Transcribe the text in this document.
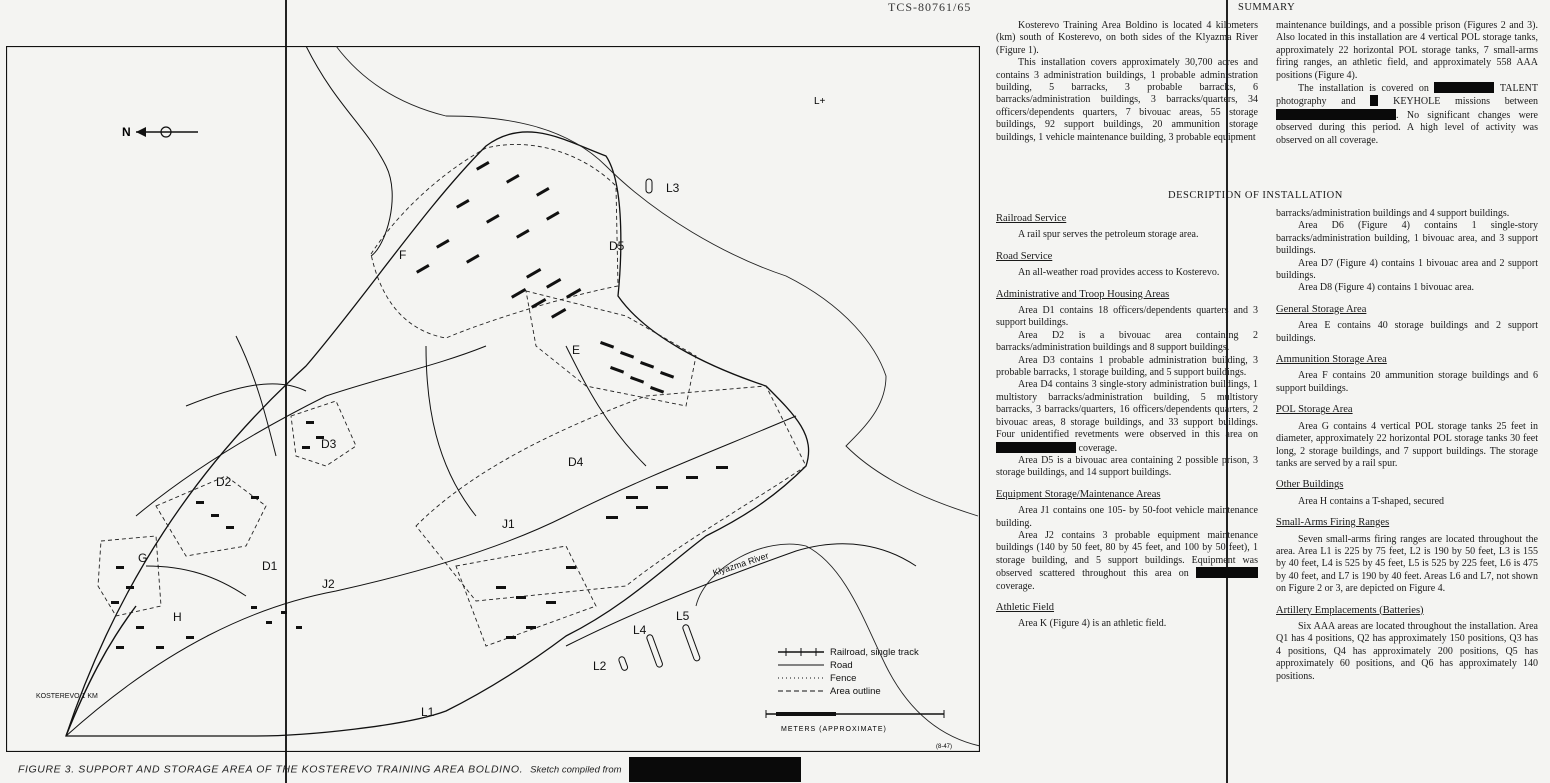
TCS-80761/65
N
F
L3
D5
E
D3
D4
D2
D1
G
H
J1
J2
L4
L5
L2
L1
Klyazma River
KOSTEREVO 1 KM
Railroad, single track
Road
Fence
Area outline
METERS (APPROXIMATE)
(8-47)
L+
FIGURE 3. SUPPORT AND STORAGE AREA OF THE KOSTEREVO TRAINING AREA BOLDINO. Sketch compiled from
SUMMARY

Kosterevo Training Area Boldino is located 4 kilometers (km) south of Kosterevo, on both sides of the Klyazma River (Figure 1).

This installation covers approximately 30,700 acres and contains 3 administration buildings, 1 probable administration building, 5 barracks, 3 probable barracks, 6 barracks/administration buildings, 3 barracks/quarters, 34 officers/dependents quarters, 7 bivouac areas, 55 storage buildings, 92 support buildings, 20 ammunition storage buildings, 1 vehicle maintenance building, 3 probable equipment

maintenance buildings, and a possible prison (Figures 2 and 3). Also located in this installation are 4 vertical POL storage tanks, approximately 22 horizontal POL storage tanks, 7 small-arms firing ranges, an athletic field, and approximately 558 AAA positions (Figure 4).

The installation is covered on	TALENT photography and	KEYHOLE missions between . No significant changes were observed during this period. A high level of activity was observed on all coverage.

DESCRIPTION OF INSTALLATION
Railroad Service

A rail spur serves the petroleum storage area.

Road Service

An all-weather road provides access to Kosterevo.

Administrative and Troop Housing Areas

Area D1 contains 18 officers/dependents quarters and 3 support buildings.

Area D2 is a bivouac area containing 2 barracks/administration buildings and 8 support buildings.

Area D3 contains 1 probable administration building, 3 probable barracks, 1 storage building, and 5 support buildings.

Area D4 contains 3 single-story administration buildings, 1 multistory barracks/administration building, 5 multistory barracks, 3 barracks/quarters, 16 officers/dependents quarters, 2 bivouac areas, 8 storage buildings, and 33 support buildings. Four unidentified revetments were observed in this area on  coverage.

Area D5 is a bivouac area containing 2 possible prison, 3 storage buildings, and 14 support buildings.

Equipment Storage/Maintenance Areas

Area J1 contains one 105- by 50-foot vehicle maintenance building.

Area J2 contains 3 probable equipment maintenance buildings (140 by 50 feet, 80 by 45 feet, and 100 by 50 feet), 1 storage building, and 5 support buildings. Equipment was observed scattered throughout this area on  coverage.

Athletic Field

Area K (Figure 4) is an athletic field.

barracks/administration buildings and 4 support buildings.

Area D6 (Figure 4) contains 1 single-story barracks/administration building, 1 bivouac area, and 3 support buildings.

Area D7 (Figure 4) contains 1 bivouac area and 2 support buildings.

Area D8 (Figure 4) contains 1 bivouac area.

General Storage Area

Area E contains 40 storage buildings and 2 support buildings.

Ammunition Storage Area

Area F contains 20 ammunition storage buildings and 6 support buildings.

POL Storage Area

Area G contains 4 vertical POL storage tanks 25 feet in diameter, approximately 22 horizontal POL storage tanks 30 feet long, 2 storage buildings, and 7 support buildings. The storage tanks are served by a rail spur.

Other Buildings

Area H contains a T-shaped, secured

Small-Arms Firing Ranges

Seven small-arms firing ranges are located throughout the area. Area L1 is 225 by 75 feet, L2 is 190 by 50 feet, L3 is 155 by 40 feet, L4 is 525 by 45 feet, L5 is 525 by 225 feet, L6 is 475 by 40 feet, and L7 is 190 by 40 feet. Areas L6 and L7, not shown on Figure 2 or 3, are depicted on Figure 4.

Artillery Emplacements (Batteries)

Six AAA areas are located throughout the installation. Area Q1 has 4 positions, Q2 has approximately 150 positions, Q3 has 4 positions, Q4 has approximately 200 positions, Q5 has approximately 60 positions, and Q6 has approximately 140 positions.
